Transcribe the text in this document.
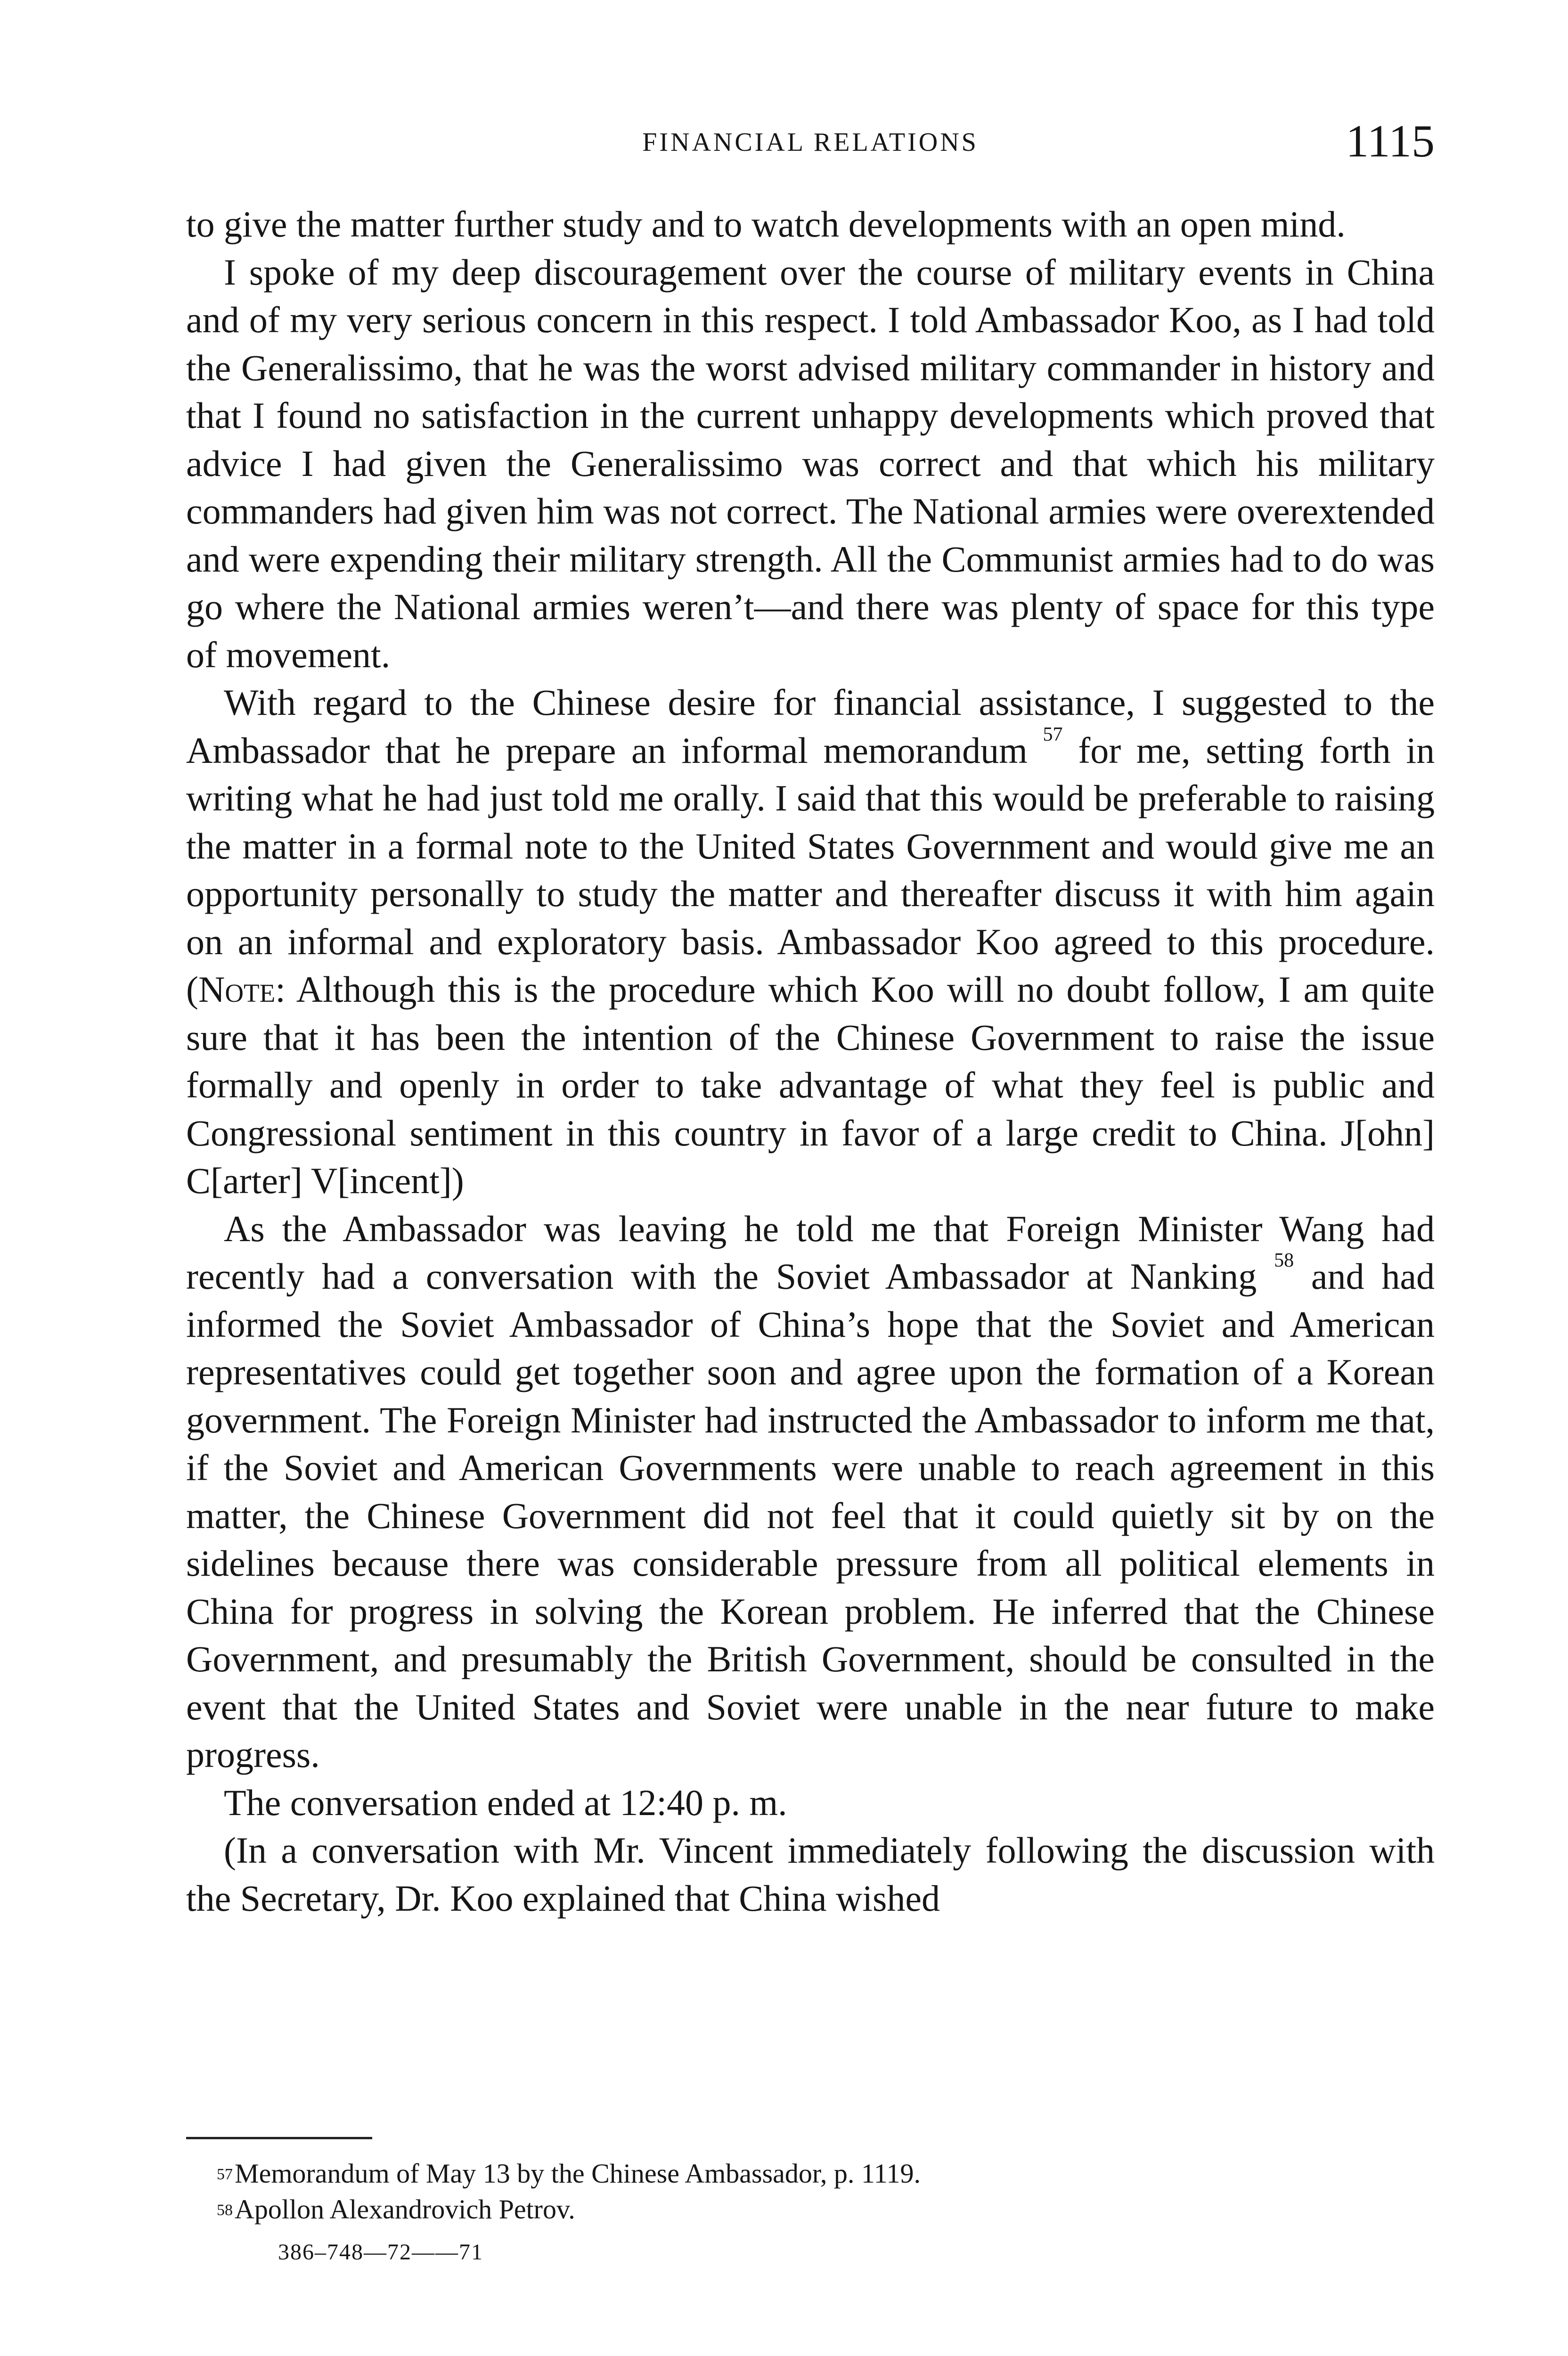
FINANCIAL RELATIONS	1115

to give the matter further study and to watch developments with an open mind.

I spoke of my deep discouragement over the course of military events in China and of my very serious concern in this respect. I told Ambassador Koo, as I had told the Generalissimo, that he was the worst advised military commander in history and that I found no satisfaction in the current unhappy developments which proved that advice I had given the Generalissimo was correct and that which his military commanders had given him was not correct. The National armies were overextended and were expending their military strength. All the Communist armies had to do was go where the National armies weren’t—and there was plenty of space for this type of movement.

With regard to the Chinese desire for financial assistance, I suggested to the Ambassador that he prepare an informal memorandum $^{57}$ for me, setting forth in writing what he had just told me orally. I said that this would be preferable to raising the matter in a formal note to the United States Government and would give me an opportunity personally to study the matter and thereafter discuss it with him again on an informal and exploratory basis. Ambassador Koo agreed to this procedure. (Note: Although this is the procedure which Koo will no doubt follow, I am quite sure that it has been the intention of the Chinese Government to raise the issue formally and openly in order to take advantage of what they feel is public and Congressional sentiment in this country in favor of a large credit to China. J[ohn] C[arter] V[incent])

As the Ambassador was leaving he told me that Foreign Minister Wang had recently had a conversation with the Soviet Ambassador at Nanking $^{58}$ and had informed the Soviet Ambassador of China’s hope that the Soviet and American representatives could get together soon and agree upon the formation of a Korean government. The Foreign Minister had instructed the Ambassador to inform me that, if the Soviet and American Governments were unable to reach agreement in this matter, the Chinese Government did not feel that it could quietly sit by on the sidelines because there was considerable pressure from all political elements in China for progress in solving the Korean problem. He inferred that the Chinese Government, and presumably the British Government, should be consulted in the event that the United States and Soviet were unable in the near future to make progress.

The conversation ended at 12:40 p. m.

(In a conversation with Mr. Vincent immediately following the discussion with the Secretary, Dr. Koo explained that China wished

$^{57}$Memorandum of May 13 by the Chinese Ambassador, p. 1119.

$^{58}$Apollon Alexandrovich Petrov.

386–748—72——71
